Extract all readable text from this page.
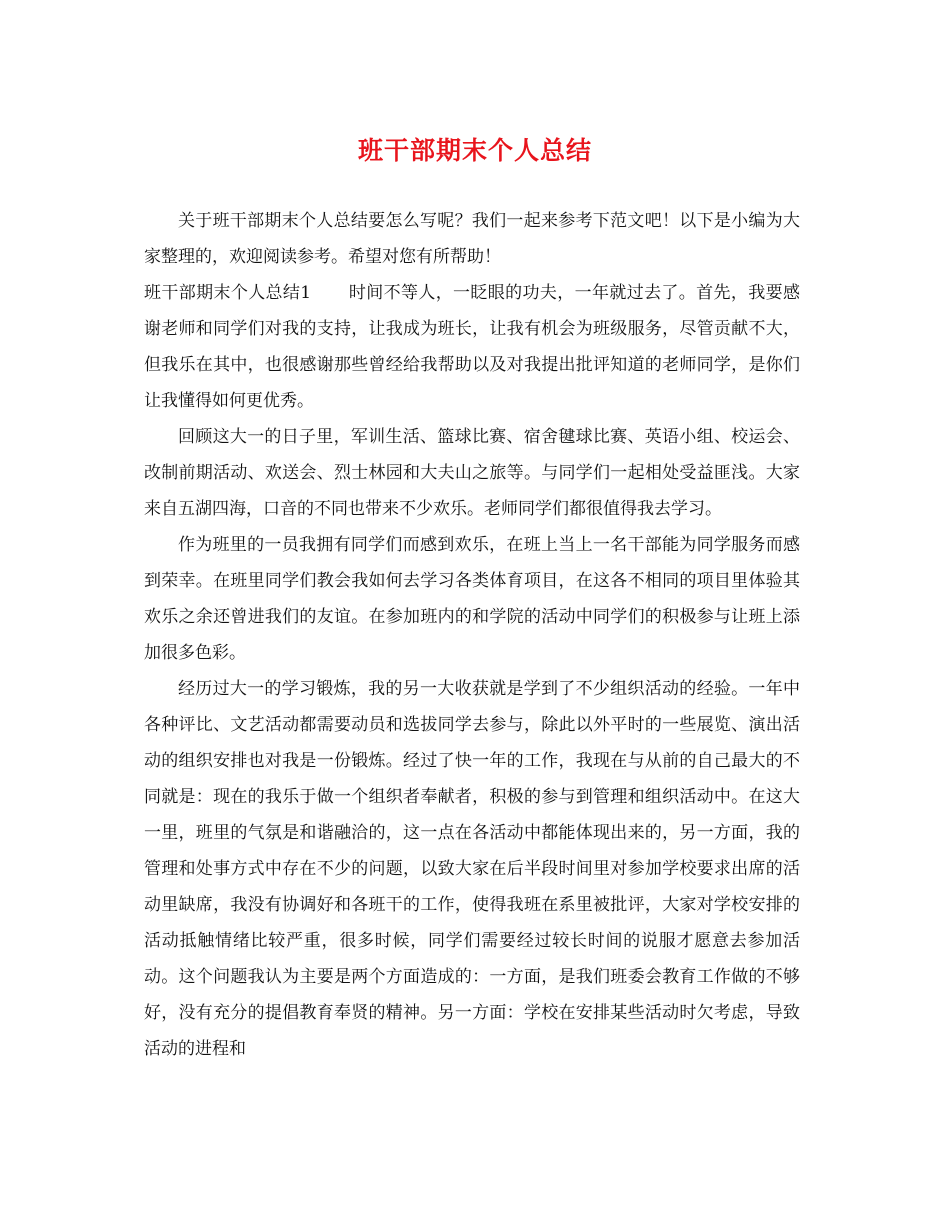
班干部期末个人总结

关于班干部期末个人总结要怎么写呢？我们一起来参考下范文吧！以下是小编为大家整理的，欢迎阅读参考。希望对您有所帮助！

班干部期末个人总结1 时间不等人，一眨眼的功夫，一年就过去了。首先，我要感谢老师和同学们对我的支持，让我成为班长，让我有机会为班级服务，尽管贡献不大，但我乐在其中，也很感谢那些曾经给我帮助以及对我提出批评知道的老师同学，是你们让我懂得如何更优秀。

回顾这大一的日子里，军训生活、篮球比赛、宿舍毽球比赛、英语小组、校运会、改制前期活动、欢送会、烈士林园和大夫山之旅等。与同学们一起相处受益匪浅。大家来自五湖四海，口音的不同也带来不少欢乐。老师同学们都很值得我去学习。

作为班里的一员我拥有同学们而感到欢乐，在班上当上一名干部能为同学服务而感到荣幸。在班里同学们教会我如何去学习各类体育项目，在这各不相同的项目里体验其欢乐之余还曾进我们的友谊。在参加班内的和学院的活动中同学们的积极参与让班上添加很多色彩。

经历过大一的学习锻炼，我的另一大收获就是学到了不少组织活动的经验。一年中各种评比、文艺活动都需要动员和选拔同学去参与，除此以外平时的一些展览、演出活动的组织安排也对我是一份锻炼。经过了快一年的工作，我现在与从前的自己最大的不同就是：现在的我乐于做一个组织者奉献者，积极的参与到管理和组织活动中。在这大一里，班里的气氛是和谐融洽的，这一点在各活动中都能体现出来的，另一方面，我的管理和处事方式中存在不少的问题，以致大家在后半段时间里对参加学校要求出席的活动里缺席，我没有协调好和各班干的工作，使得我班在系里被批评，大家对学校安排的活动抵触情绪比较严重，很多时候，同学们需要经过较长时间的说服才愿意去参加活动。这个问题我认为主要是两个方面造成的：一方面，是我们班委会教育工作做的不够好，没有充分的提倡教育奉贤的精神。另一方面：学校在安排某些活动时欠考虑，导致活动的进程和
